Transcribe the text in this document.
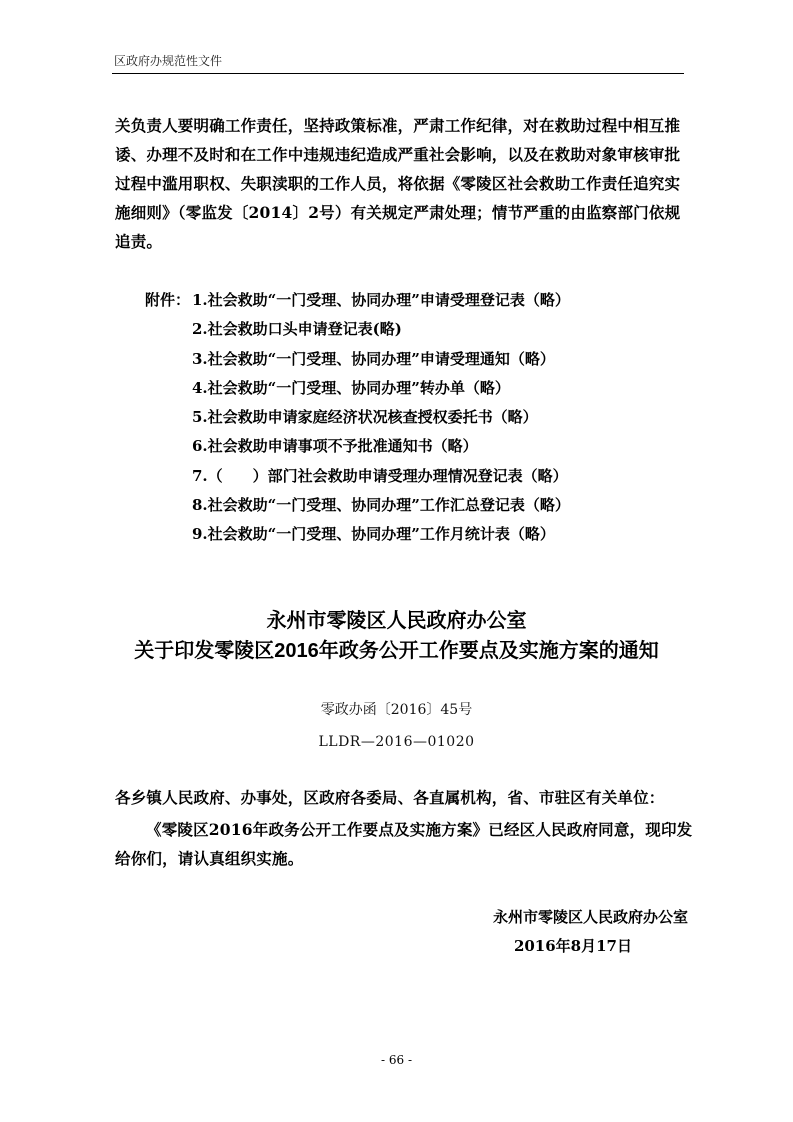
区政府办规范性文件

关负责人要明确工作责任，坚持政策标准，严肃工作纪律，对在救助过程中相互推诿、办理不及时和在工作中违规违纪造成严重社会影响，以及在救助对象审核审批过程中滥用职权、失职渎职的工作人员，将依据《零陵区社会救助工作责任追究实施细则》（零监发〔2014〕2号）有关规定严肃处理；情节严重的由监察部门依规追责。

附件： 1.社会救助“一门受理、协同办理”申请受理登记表（略）
2.社会救助口头申请登记表(略)
3.社会救助“一门受理、协同办理”申请受理通知（略）
4.社会救助“一门受理、协同办理”转办单（略）
5.社会救助申请家庭经济状况核查授权委托书（略）
6.社会救助申请事项不予批准通知书（略）
7.（　　）部门社会救助申请受理办理情况登记表（略）
8.社会救助“一门受理、协同办理”工作汇总登记表（略）
9.社会救助“一门受理、协同办理”工作月统计表（略）
永州市零陵区人民政府办公室
关于印发零陵区2016年政务公开工作要点及实施方案的通知
零政办函〔2016〕45号
LLDR—2016—01020

各乡镇人民政府、办事处，区政府各委局、各直属机构，省、市驻区有关单位：

《零陵区2016年政务公开工作要点及实施方案》已经区人民政府同意，现印发给你们，请认真组织实施。

永州市零陵区人民政府办公室
2016年8月17日
- 66 -
